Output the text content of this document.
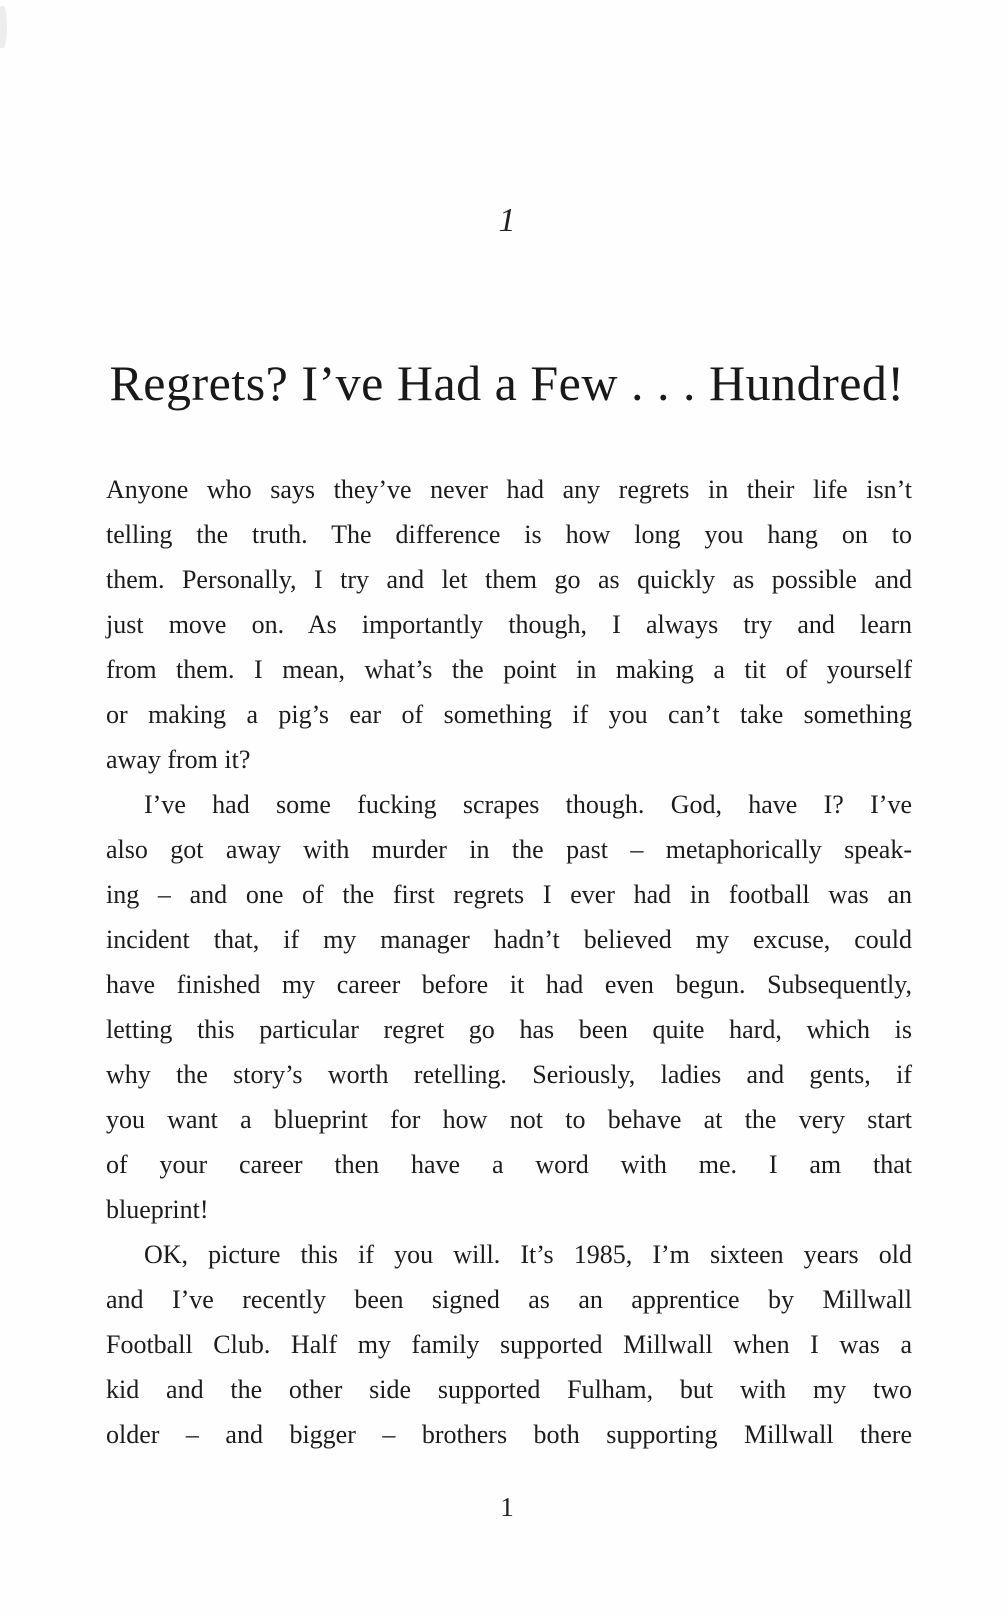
1
Regrets? I’ve Had a Few . . . Hundred!
Anyone who says they’ve never had any regrets in their life isn’t
telling the truth. The difference is how long you hang on to
them. Personally, I try and let them go as quickly as possible and
just move on. As importantly though, I always try and learn
from them. I mean, what’s the point in making a tit of yourself
or making a pig’s ear of something if you can’t take something
away from it?
I’ve had some fucking scrapes though. God, have I? I’ve
also got away with murder in the past – metaphorically speak-
ing – and one of the first regrets I ever had in football was an
incident that, if my manager hadn’t believed my excuse, could
have finished my career before it had even begun. Subsequently,
letting this particular regret go has been quite hard, which is
why the story’s worth retelling. Seriously, ladies and gents, if
you want a blueprint for how not to behave at the very start
of your career then have a word with me. I am that
blueprint!
OK, picture this if you will. It’s 1985, I’m sixteen years old
and I’ve recently been signed as an apprentice by Millwall
Football Club. Half my family supported Millwall when I was a
kid and the other side supported Fulham, but with my two
older – and bigger – brothers both supporting Millwall there
1
